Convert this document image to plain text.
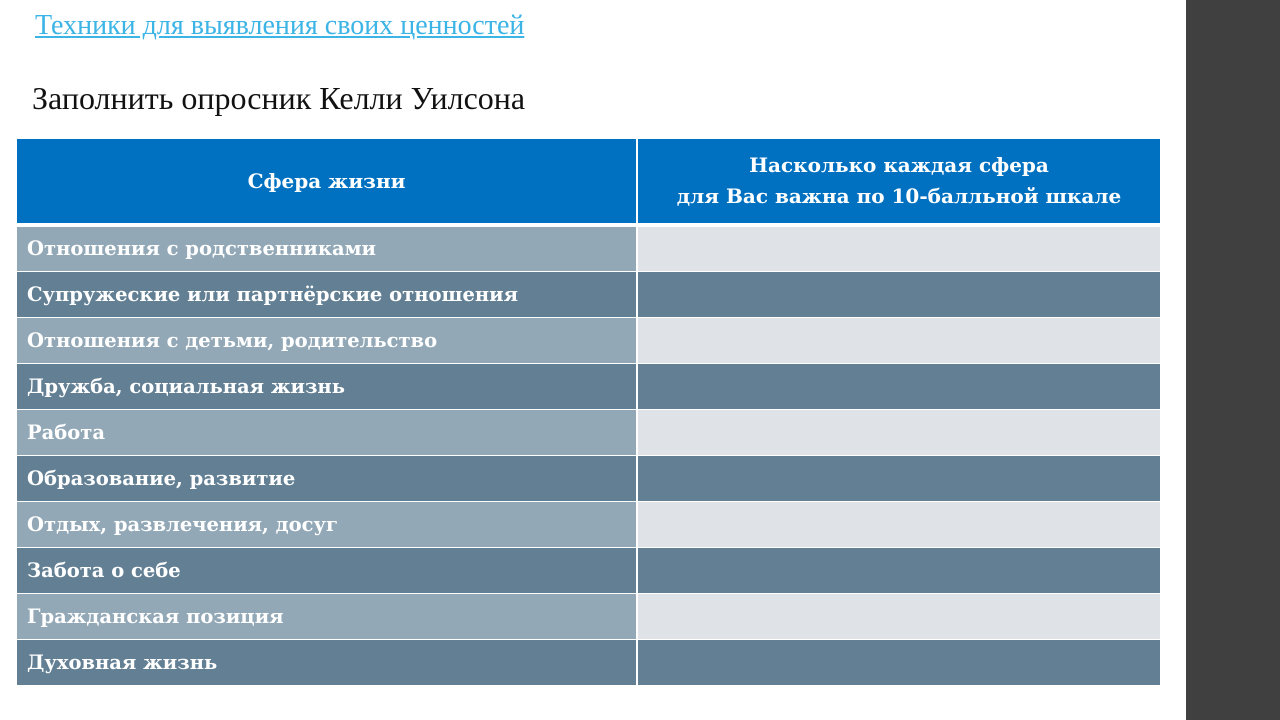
Техники для выявления своих ценностей
Заполнить опросник Келли Уилсона
Сфера жизни	Насколько каждая сфера
для Вас важна по 10-балльной шкале

Отношения с родственниками	
Супружеские или партнёрские отношения	
Отношения с детьми, родительство	
Дружба, социальная жизнь	
Работа	
Образование, развитие	
Отдых, развлечения, досуг	
Забота о себе	
Гражданская позиция	
Духовная жизнь	
